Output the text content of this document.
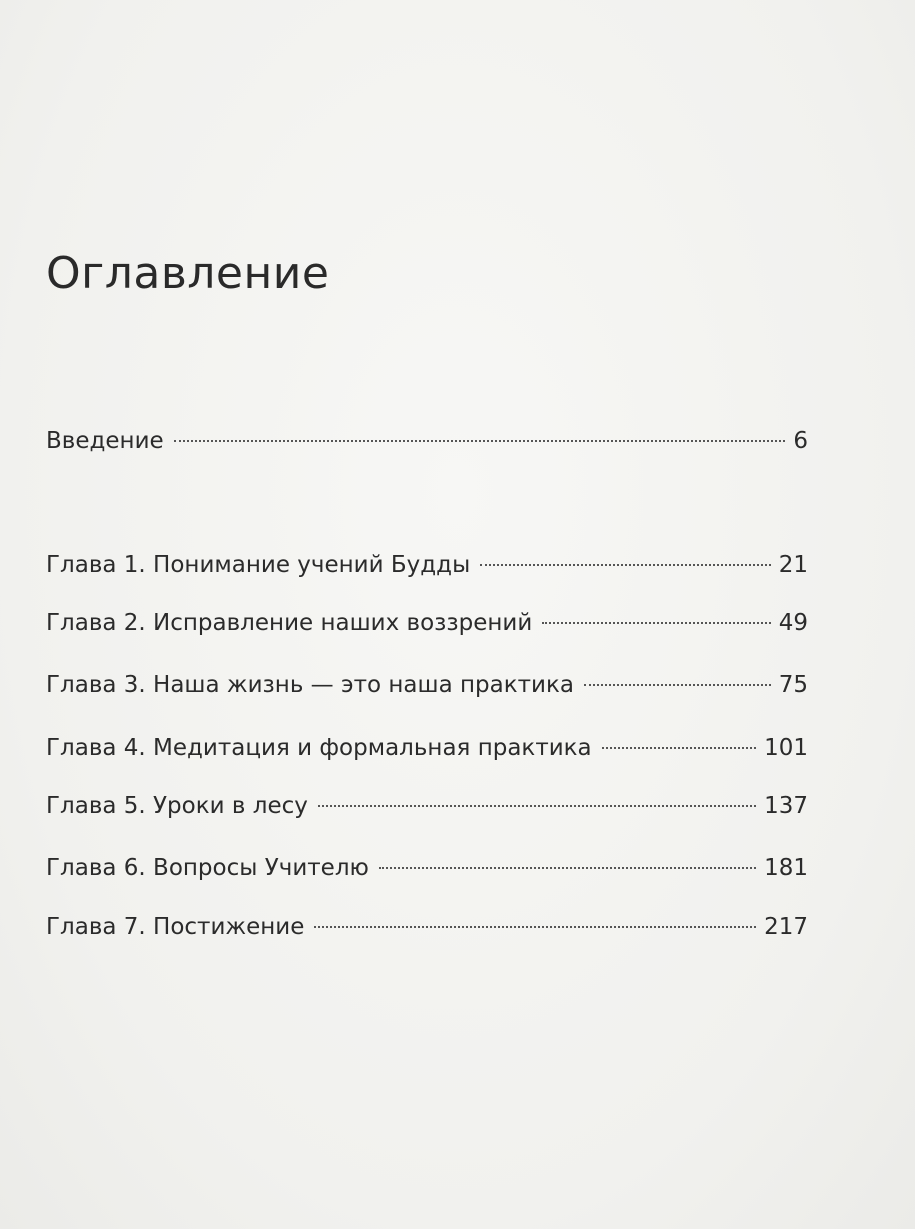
Оглавление
Введение	6
Глава 1. Понимание учений Будды	21
Глава 2. Исправление наших воззрений	49
Глава 3. Наша жизнь — это наша практика	75
Глава 4. Медитация и формальная практика	101
Глава 5. Уроки в лесу	137
Глава 6. Вопросы Учителю	181
Глава 7. Постижение	217
